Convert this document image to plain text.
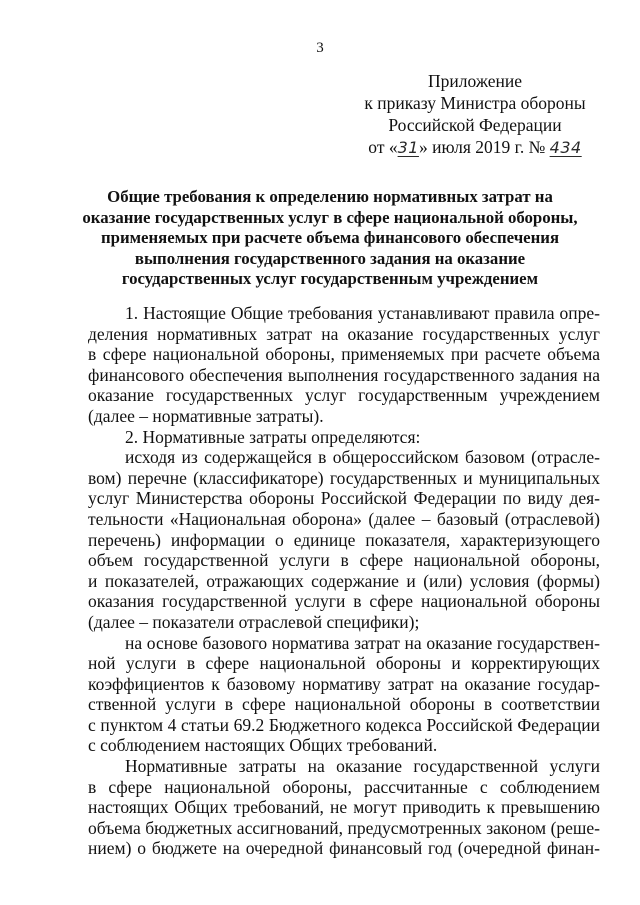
3
Приложение
к приказу Министра обороны
Российской Федерации
от «31» июля 2019 г. № 434
Общие требования к определению нормативных затрат на
оказание государственных услуг в сфере национальной обороны,
применяемых при расчете объема финансового обеспечения
выполнения государственного задания на оказание
государственных услуг государственным учреждением
1. Настоящие Общие требования устанавливают правила опре-
деления нормативных затрат на оказание государственных услуг
в сфере национальной обороны, применяемых при расчете объема
финансового обеспечения выполнения государственного задания на
оказание государственных услуг государственным учреждением
(далее – нормативные затраты).
2. Нормативные затраты определяются:
исходя из содержащейся в общероссийском базовом (отрасле-
вом) перечне (классификаторе) государственных и муниципальных
услуг Министерства обороны Российской Федерации по виду дея-
тельности «Национальная оборона» (далее – базовый (отраслевой)
перечень) информации о единице показателя, характеризующего
объем государственной услуги в сфере национальной обороны,
и показателей, отражающих содержание и (или) условия (формы)
оказания государственной услуги в сфере национальной обороны
(далее – показатели отраслевой специфики);
на основе базового норматива затрат на оказание государствен-
ной услуги в сфере национальной обороны и корректирующих
коэффициентов к базовому нормативу затрат на оказание государ-
ственной услуги в сфере национальной обороны в соответствии
с пунктом 4 статьи 69.2 Бюджетного кодекса Российской Федерации
с соблюдением настоящих Общих требований.
Нормативные затраты на оказание государственной услуги
в сфере национальной обороны, рассчитанные с соблюдением
настоящих Общих требований, не могут приводить к превышению
объема бюджетных ассигнований, предусмотренных законом (реше-
нием) о бюджете на очередной финансовый год (очередной финан-
